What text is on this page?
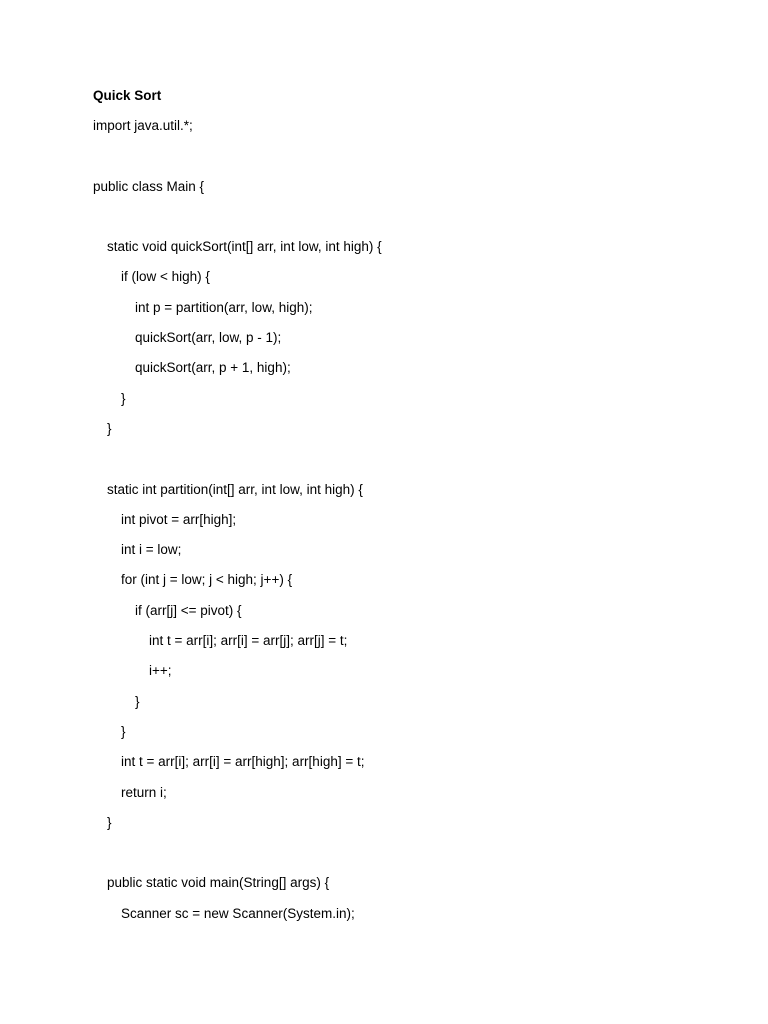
Quick Sort
import java.util.*;
public class Main {
static void quickSort(int[] arr, int low, int high) {
if (low < high) {
int p = partition(arr, low, high);
quickSort(arr, low, p - 1);
quickSort(arr, p + 1, high);
}
}
static int partition(int[] arr, int low, int high) {
int pivot = arr[high];
int i = low;
for (int j = low; j < high; j++) {
if (arr[j] <= pivot) {
int t = arr[i]; arr[i] = arr[j]; arr[j] = t;
i++;
}
}
int t = arr[i]; arr[i] = arr[high]; arr[high] = t;
return i;
}
public static void main(String[] args) {
Scanner sc = new Scanner(System.in);
